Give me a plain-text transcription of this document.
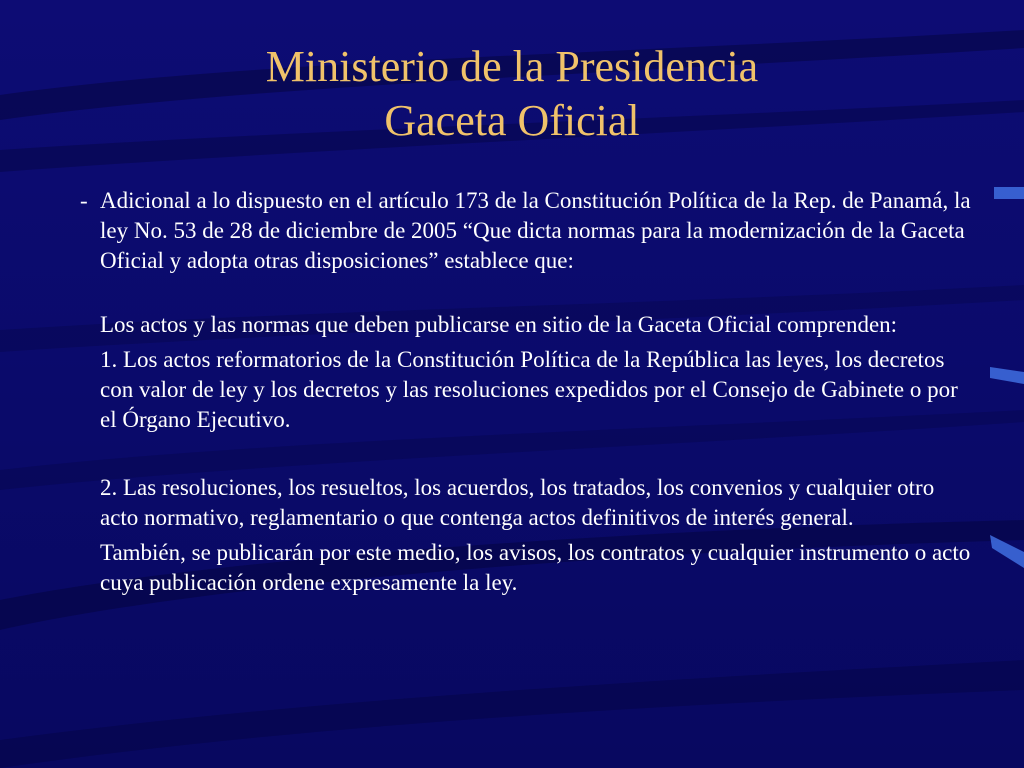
Ministerio de la Presidencia
Gaceta Oficial
- Adicional a lo dispuesto en el artículo 173 de la Constitución Política de la Rep. de Panamá, la ley No. 53 de 28 de diciembre de 2005 “Que dicta normas para la modernización de la Gaceta Oficial y adopta otras disposiciones” establece que:
Los actos y las normas que deben publicarse en sitio de la Gaceta Oficial comprenden:
1. Los actos reformatorios de la Constitución Política de la República las leyes, los decretos con valor de ley y los decretos y las resoluciones expedidos por el Consejo de Gabinete o por el Órgano Ejecutivo.
2. Las resoluciones, los resueltos, los acuerdos, los tratados, los convenios y cualquier otro acto normativo, reglamentario o que contenga actos definitivos de interés general.
También, se publicarán por este medio, los avisos, los contratos y cualquier instrumento o acto cuya publicación ordene expresamente la ley.
